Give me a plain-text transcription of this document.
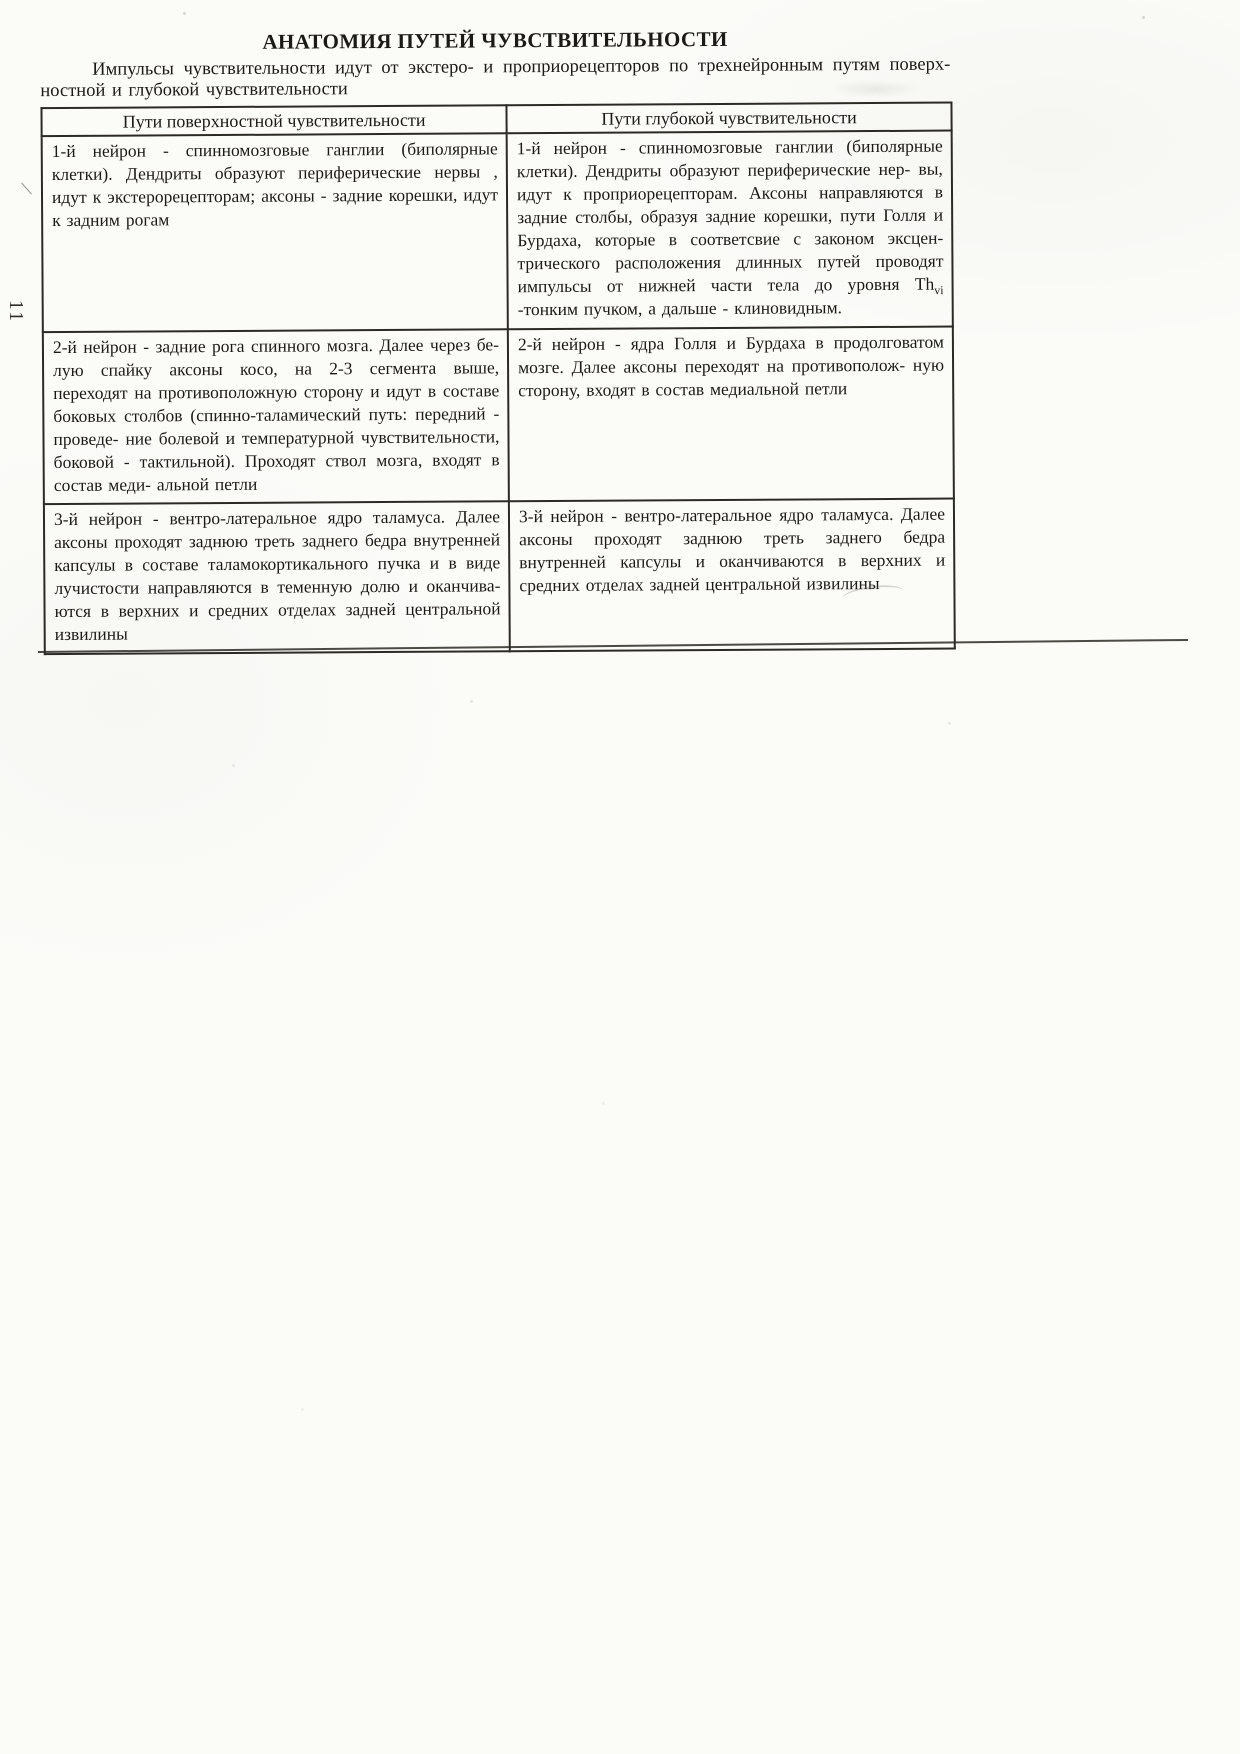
11
АНАТОМИЯ ПУТЕЙ ЧУВСТВИТЕЛЬНОСТИ

Импульсы чувствительности идут от экстеро- и проприорецепторов по трехнейронным путям поверх- ностной и глубокой чувствительности

Пути поверхностной чувствительности	Пути глубокой чувствительности
1-й нейрон - спинномозговые ганглии (биполярные клетки). Дендриты образуют периферические нервы , идут к экстерорецепторам; аксоны - задние корешки, идут к задним рогам	1-й нейрон - спинномозговые ганглии (биполярные клетки). Дендриты образуют периферические нер- вы, идут к проприорецепторам. Аксоны направляются в задние столбы, образуя задние корешки, пути Голля и Бурдаха, которые в соответсвие с законом эксцен- трического расположения длинных путей проводят импульсы от нижней части тела до уровня $Th_{vi}$ -тонким пучком, а дальше - клиновидным.
2-й нейрон - задние рога спинного мозга. Далее через бе- лую спайку аксоны косо, на 2-3 сегмента выше, переходят на противоположную сторону и идут в составе боковых столбов (спинно-таламический путь: передний - проведе- ние болевой и температурной чувствительности, боковой - тактильной). Проходят ствол мозга, входят в состав меди- альной петли	2-й нейрон - ядра Голля и Бурдаха в продолговатом мозге. Далее аксоны переходят на противополож- ную сторону, входят в состав медиальной петли
3-й нейрон - вентро-латеральное ядро таламуса. Далее аксоны проходят заднюю треть заднего бедра внутренней капсулы в составе таламокортикального пучка и в виде лучистости направляются в теменную долю и оканчива- ются в верхних и средних отделах задней центральной извилины	3-й нейрон - вентро-латеральное ядро таламуса. Далее аксоны проходят заднюю треть заднего бедра внутренней капсулы и оканчиваются в верхних и средних отделах задней центральной извилины
